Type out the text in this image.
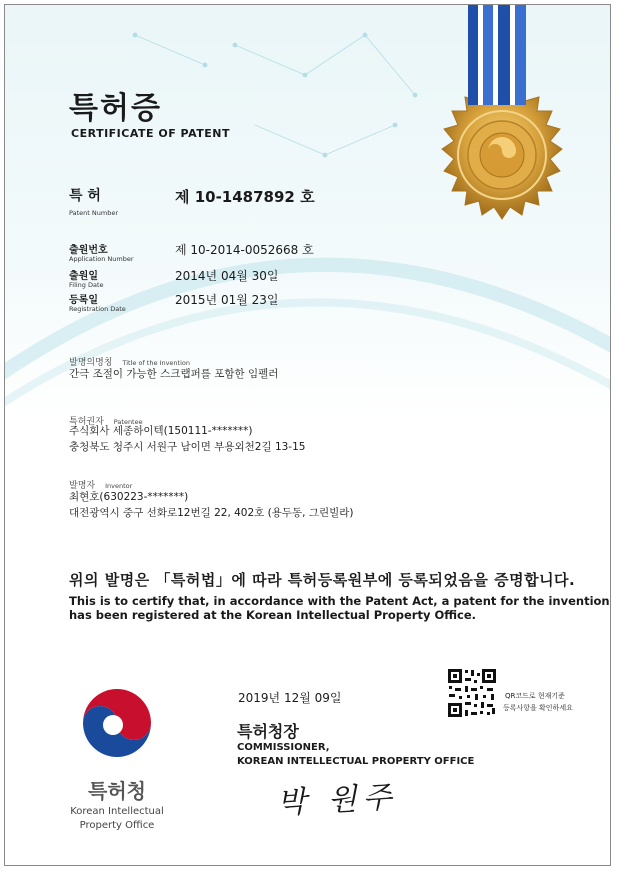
특허증
CERTIFICATE OF PATENT
특 허
Patent Number
제 10-1487892 호
출원번호
Application Number
제 10-2014-0052668 호
출원일
Filing Date
2014년 04월 30일
등록일
Registration Date
2015년 01월 23일
발명의명칭 Title of the Invention
간극 조절이 가능한 스크랩퍼를 포함한 임펠러
특허권자 Patentee
주식회사 세종하이텍(150111-*******)
충청북도 청주시 서원구 남이면 부용외천2길 13-15
발명자 Inventor
최현호(630223-*******)
대전광역시 중구 선화로12번길 22, 402호 (용두동, 그린빌라)
위의 발명은 「특허법」에 따라 특허등록원부에 등록되었음을 증명합니다.
This is to certify that, in accordance with the Patent Act, a patent for the invention
has been registered at the Korean Intellectual Property Office.
2019년 12월 09일	QR코드로 현재기준
등록사항을 확인하세요
특허청장
COMMISSIONER,
KOREAN INTELLECTUAL PROPERTY OFFICE
박 원주
특허청
Korean Intellectual
Property Office
